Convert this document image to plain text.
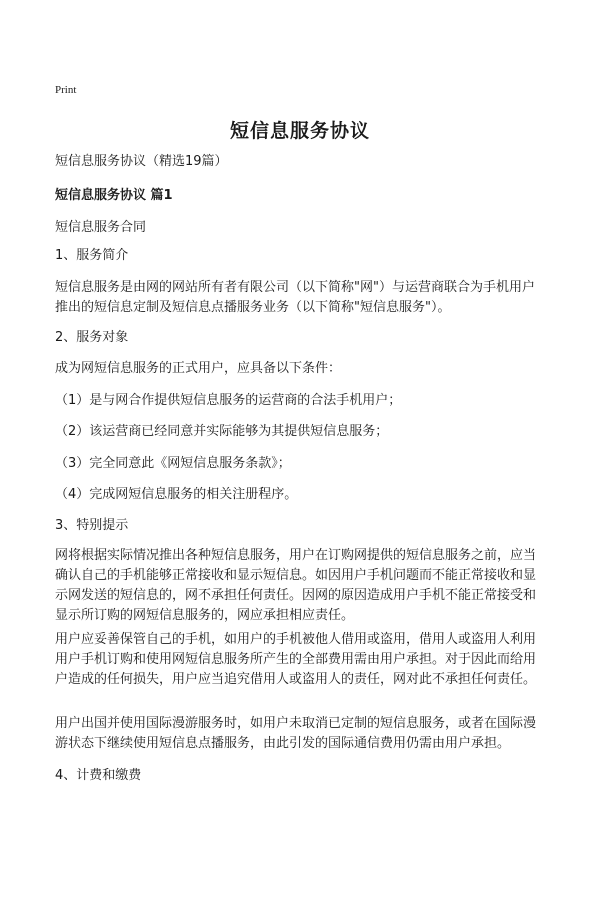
Print
短信息服务协议
短信息服务协议（精选19篇）
短信息服务协议 篇1
短信息服务合同
1、服务简介
短信息服务是由网的网站所有者有限公司（以下简称"网"）与运营商联合为手机用户推出的短信息定制及短信息点播服务业务（以下简称"短信息服务"）。
2、服务对象
成为网短信息服务的正式用户，应具备以下条件：
（1）是与网合作提供短信息服务的运营商的合法手机用户；
（2）该运营商已经同意并实际能够为其提供短信息服务；
（3）完全同意此《网短信息服务条款》；
（4）完成网短信息服务的相关注册程序。
3、特别提示
网将根据实际情况推出各种短信息服务，用户在订购网提供的短信息服务之前，应当确认自己的手机能够正常接收和显示短信息。如因用户手机问题而不能正常接收和显示网发送的短信息的，网不承担任何责任。因网的原因造成用户手机不能正常接受和显示所订购的网短信息服务的，网应承担相应责任。
用户应妥善保管自己的手机，如用户的手机被他人借用或盗用，借用人或盗用人利用用户手机订购和使用网短信息服务所产生的全部费用需由用户承担。对于因此而给用户造成的任何损失，用户应当追究借用人或盗用人的责任，网对此不承担任何责任。
用户出国并使用国际漫游服务时，如用户未取消已定制的短信息服务，或者在国际漫游状态下继续使用短信息点播服务，由此引发的国际通信费用仍需由用户承担。
4、计费和缴费
